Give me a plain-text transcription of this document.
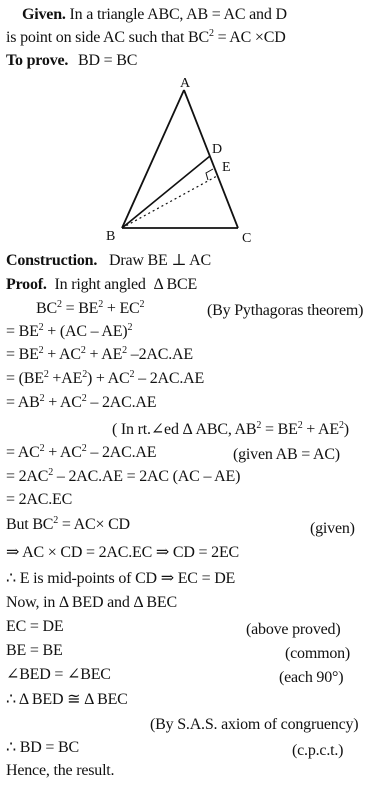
Given. In a triangle ABC, AB = AC and D
is point on side AC such that $BC^2$ = AC ×CD
To prove. BD = BC
A
B	C
D
E
Construction. Draw BE ⊥ AC
Proof. In right angled Δ BCE
$BC^2 = BE^2 + EC^2$	(By Pythagoras theorem)
= $BE^2 + (AC - AE)^2$
= $BE^2 + AC^2 + AE^2$ –2AC.AE
= $(BE^2 +AE^2) + AC^2 - 2AC.AE$
= $AB^2 + AC^2 - 2AC.AE$
( In rt.∠ed Δ ABC, $AB^2 = BE^2 + AE^2$)
= $AC^2 + AC^2 - 2AC.AE$	(given AB = AC)
= $2AC^2 - 2AC.AE = 2AC$ (AC – AE)
= 2AC.EC
But $BC^2 = AC\times$ CD	(given)
⇒ AC × CD = 2AC.EC ⇒ CD = 2EC
∴ E is mid-points of CD ⇒ EC = DE
Now, in Δ BED and Δ BEC
EC = DE	(above proved)
BE = BE	(common)
∠BED = ∠BEC	(each 90°)
∴ Δ BED ≅ Δ BEC
(By S.A.S. axiom of congruency)
∴ BD = BC	(c.p.c.t.)
Hence, the result.
